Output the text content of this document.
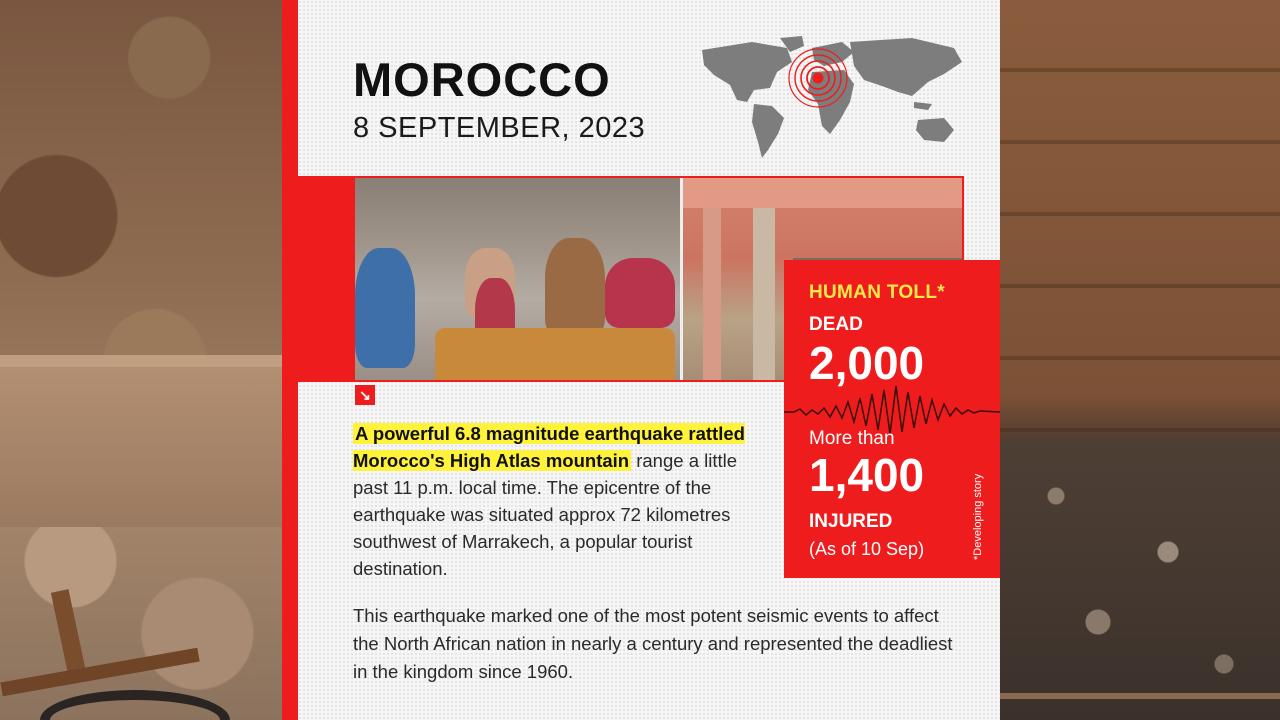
MOROCCO
8 SEPTEMBER, 2023
↘
HUMAN TOLL*
DEAD
2,000
More than
1,400
INJURED
(As of 10 Sep)	*Developing story

A powerful 6.8 magnitude earthquake rattled Morocco's High Atlas mountain range a little past 11 p.m. local time. The epicentre of the earthquake was situated approx 72 kilometres southwest of Marrakech, a popular tourist destination.

This earthquake marked one of the most potent seismic events to affect the North African nation in nearly a century and represented the deadliest in the kingdom since 1960.
